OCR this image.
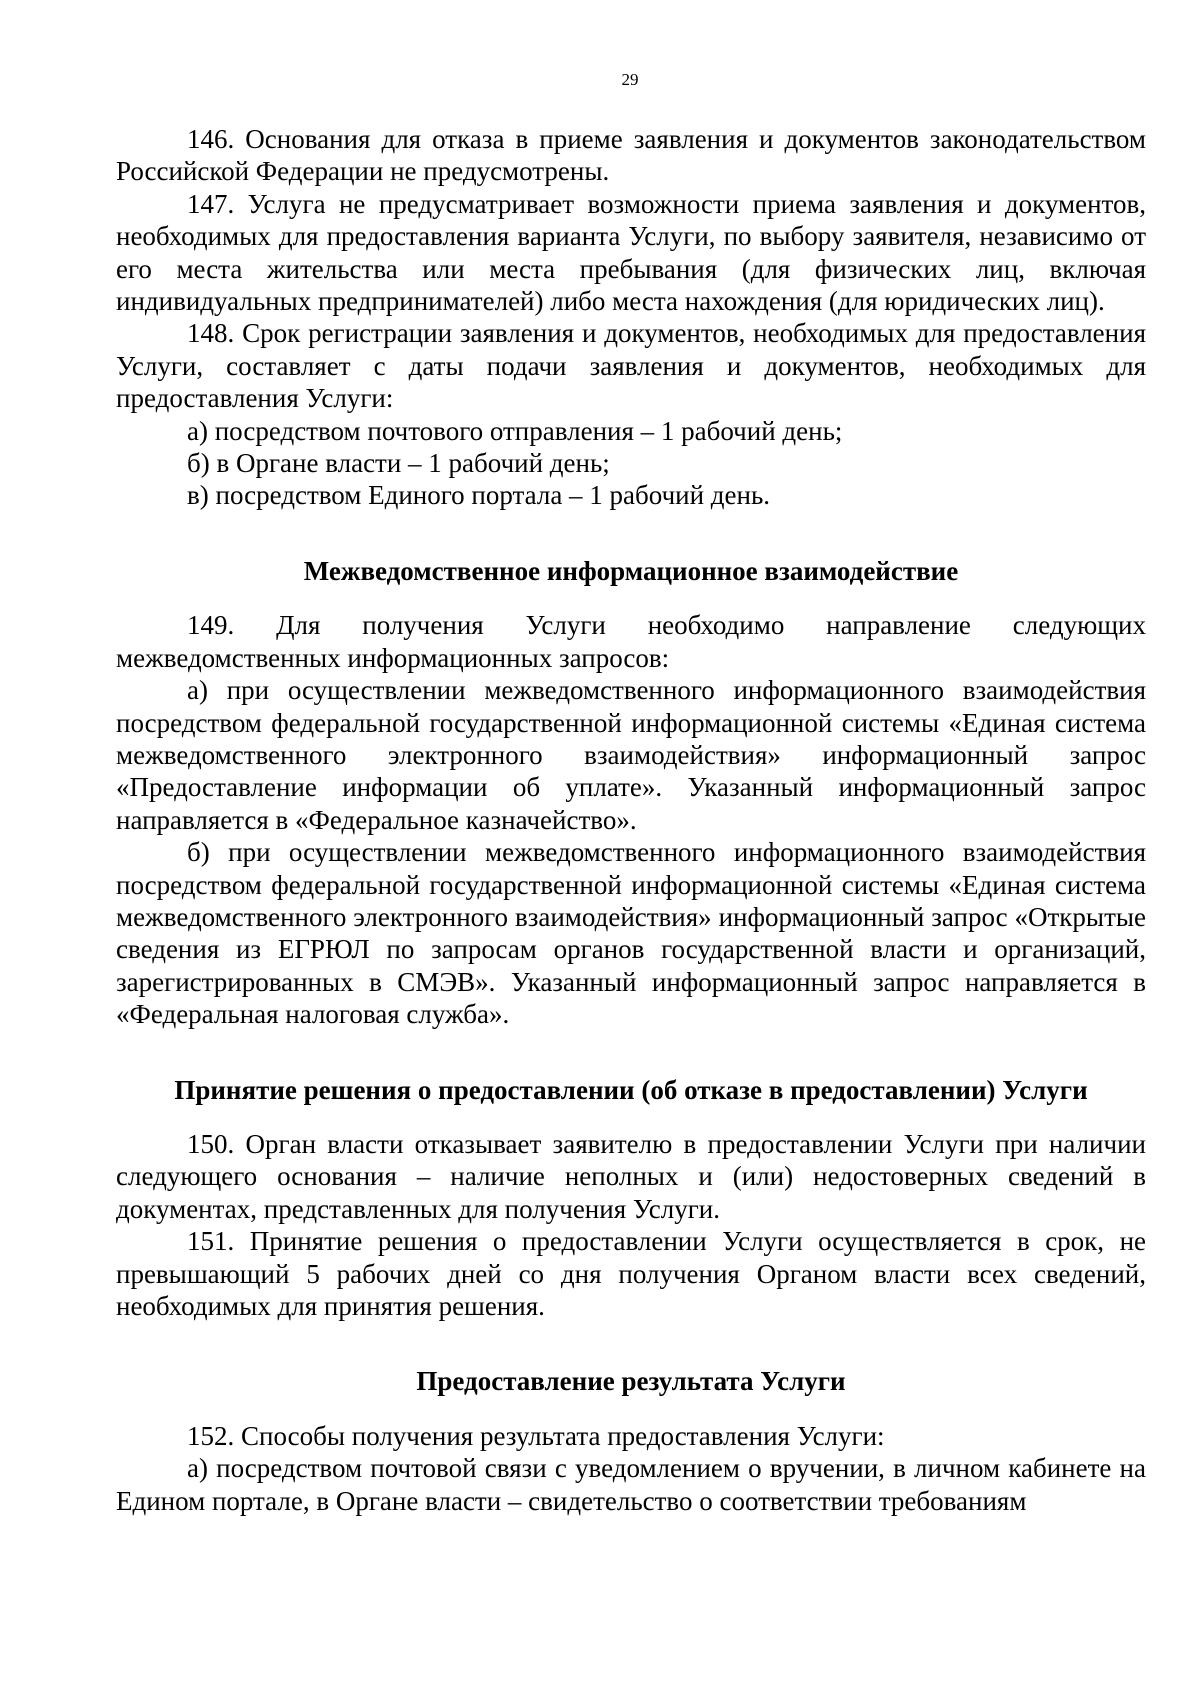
29

146. Основания для отказа в приеме заявления и документов законодательством Российской Федерации не предусмотрены.

147. Услуга не предусматривает возможности приема заявления и документов, необходимых для предоставления варианта Услуги, по выбору заявителя, независимо от его места жительства или места пребывания (для физических лиц, включая индивидуальных предпринимателей) либо места нахождения (для юридических лиц).

148. Срок регистрации заявления и документов, необходимых для предоставления Услуги, составляет с даты подачи заявления и документов, необходимых для предоставления Услуги:

а) посредством почтового отправления – 1 рабочий день;

б) в Органе власти – 1 рабочий день;

в) посредством Единого портала – 1 рабочий день.

Межведомственное информационное взаимодействие

149. Для получения Услуги необходимо направление следующих межведомственных информационных запросов:

а) при осуществлении межведомственного информационного взаимодействия посредством федеральной государственной информационной системы «Единая система межведомственного электронного взаимодействия» информационный запрос «Предоставление информации об уплате». Указанный информационный запрос направляется в «Федеральное казначейство».

б) при осуществлении межведомственного информационного взаимодействия посредством федеральной государственной информационной системы «Единая система межведомственного электронного взаимодействия» информационный запрос «Открытые сведения из ЕГРЮЛ по запросам органов государственной власти и организаций, зарегистрированных в СМЭВ». Указанный информационный запрос направляется в «Федеральная налоговая служба».

Принятие решения о предоставлении (об отказе в предоставлении) Услуги

150. Орган власти отказывает заявителю в предоставлении Услуги при наличии следующего основания – наличие неполных и (или) недостоверных сведений в документах, представленных для получения Услуги.

151. Принятие решения о предоставлении Услуги осуществляется в срок, не превышающий 5 рабочих дней со дня получения Органом власти всех сведений, необходимых для принятия решения.

Предоставление результата Услуги

152. Способы получения результата предоставления Услуги:

а) посредством почтовой связи с уведомлением о вручении, в личном кабинете на Едином портале, в Органе власти – свидетельство о соответствии требованиям
